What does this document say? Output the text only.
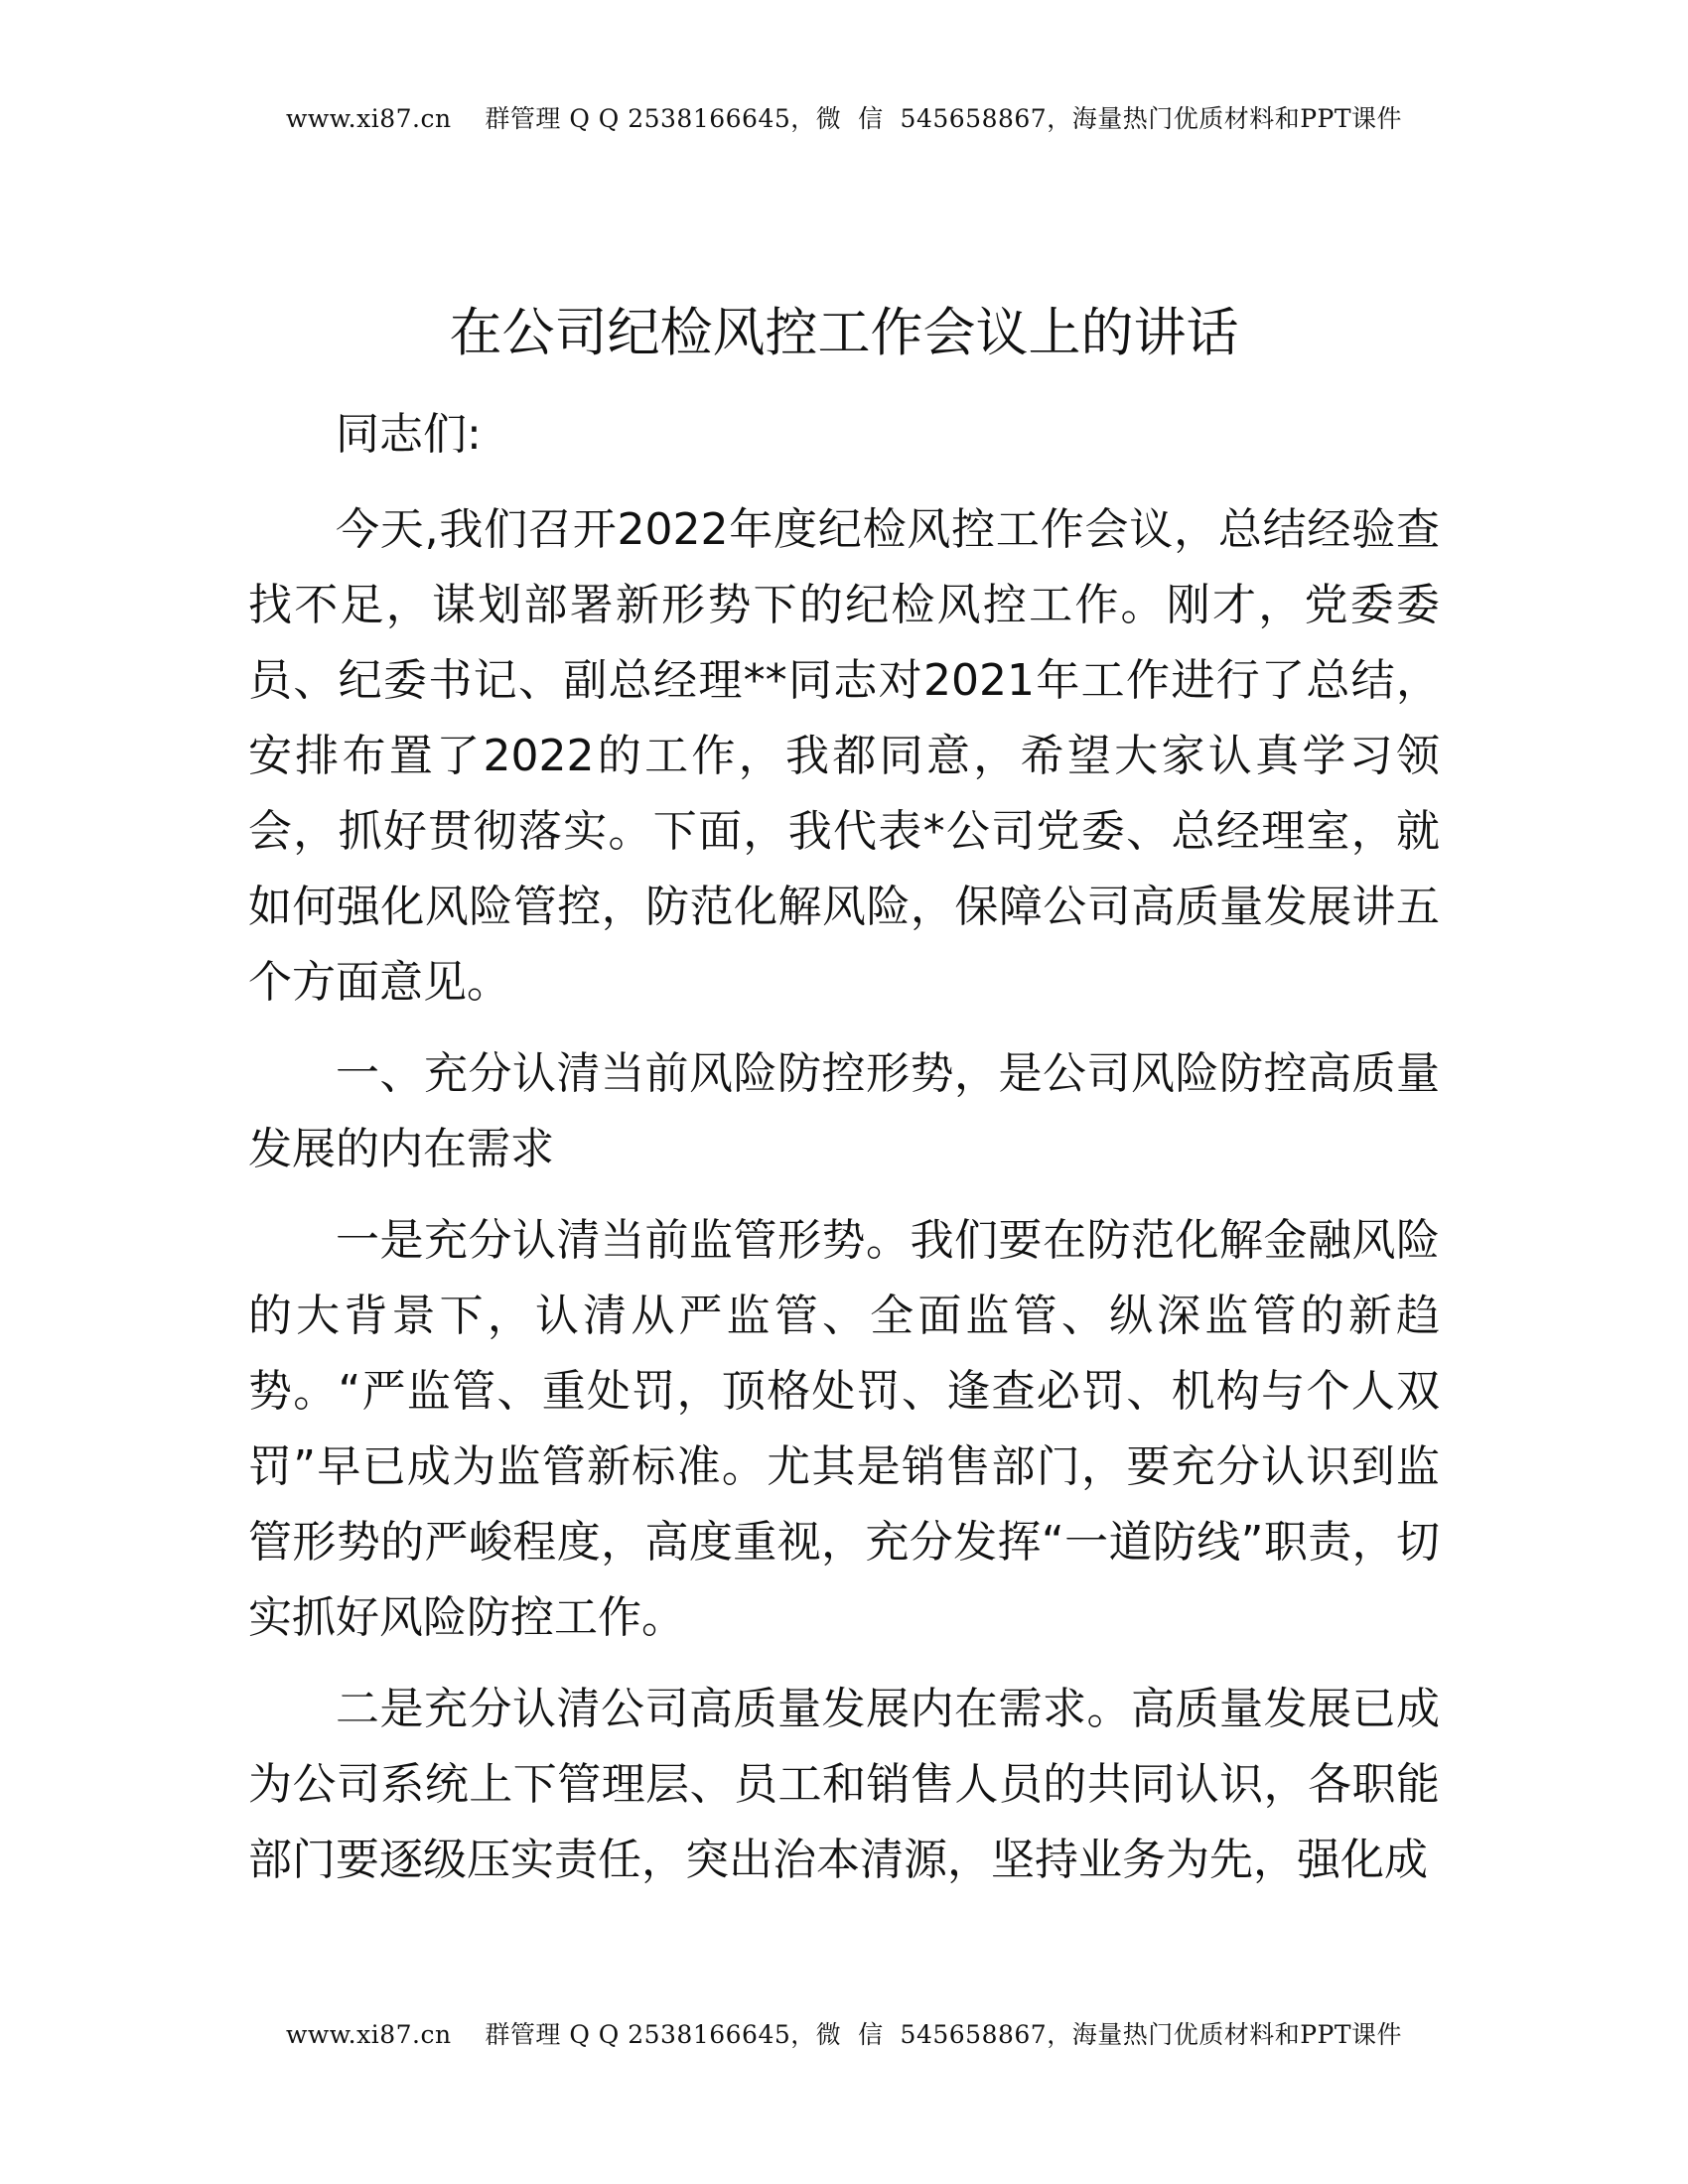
www.xi87.cn    群管理 Q Q 2538166645，微  信  545658867，海量热门优质材料和PPT课件
在公司纪检风控工作会议上的讲话

同志们:

今天,我们召开2022年度纪检风控工作会议，总结经验查找不足，谋划部署新形势下的纪检风控工作。刚才，党委委员、纪委书记、副总经理**同志对2021年工作进行了总结，安排布置了2022的工作，我都同意，希望大家认真学习领会，抓好贯彻落实。下面，我代表*公司党委、总经理室，就如何强化风险管控，防范化解风险，保障公司高质量发展讲五个方面意见。

一、充分认清当前风险防控形势，是公司风险防控高质量发展的内在需求

一是充分认清当前监管形势。我们要在防范化解金融风险的大背景下，认清从严监管、全面监管、纵深监管的新趋势。“严监管、重处罚，顶格处罚、逢查必罚、机构与个人双罚”早已成为监管新标准。尤其是销售部门，要充分认识到监管形势的严峻程度，高度重视，充分发挥“一道防线”职责，切实抓好风险防控工作。

二是充分认清公司高质量发展内在需求。高质量发展已成为公司系统上下管理层、员工和销售人员的共同认识，各职能部门要逐级压实责任，突出治本清源，坚持业务为先，强化成

www.xi87.cn    群管理 Q Q 2538166645，微  信  545658867，海量热门优质材料和PPT课件
